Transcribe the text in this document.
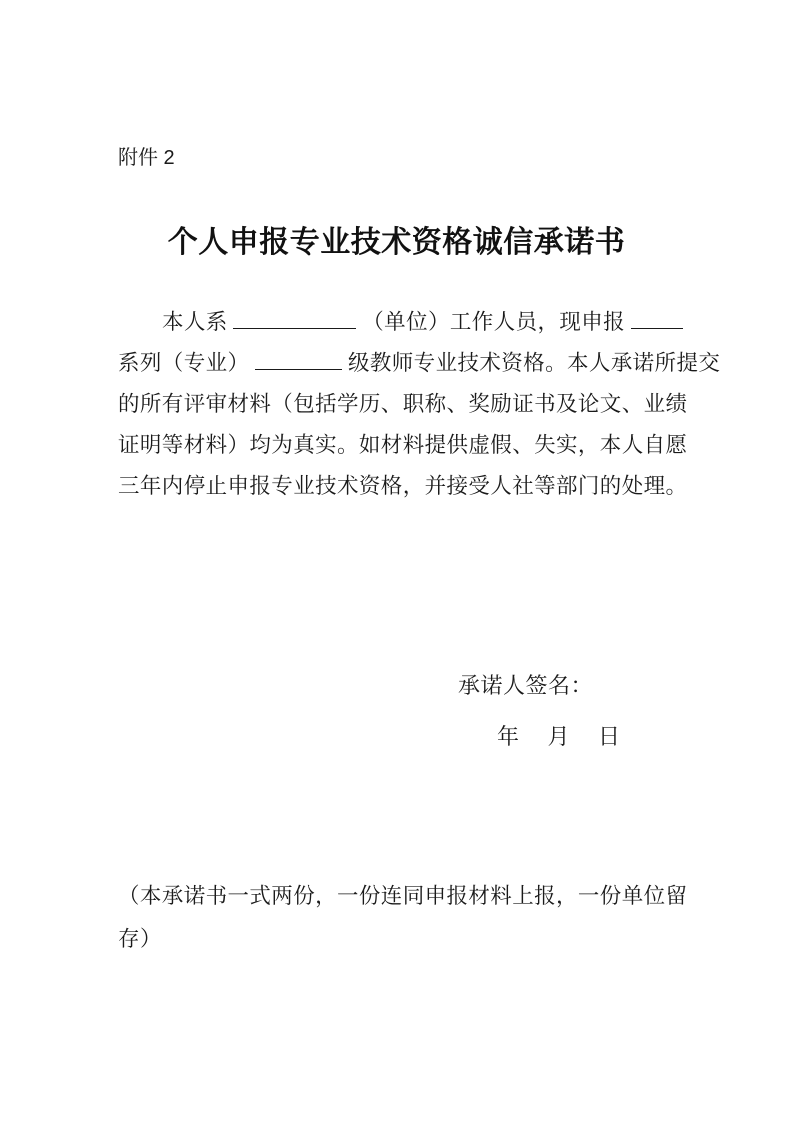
附件 2
个人申报专业技术资格诚信承诺书
本人系	（单位）工作人员，现申报
系列（专业）	级教师专业技术资格。本人承诺所提交
的所有评审材料（包括学历、职称、奖励证书及论文、业绩
证明等材料）均为真实。如材料提供虚假、失实，本人自愿
三年内停止申报专业技术资格，并接受人社等部门的处理。
承诺人签名：
年 月 日
（本承诺书一式两份，一份连同申报材料上报，一份单位留
存）
